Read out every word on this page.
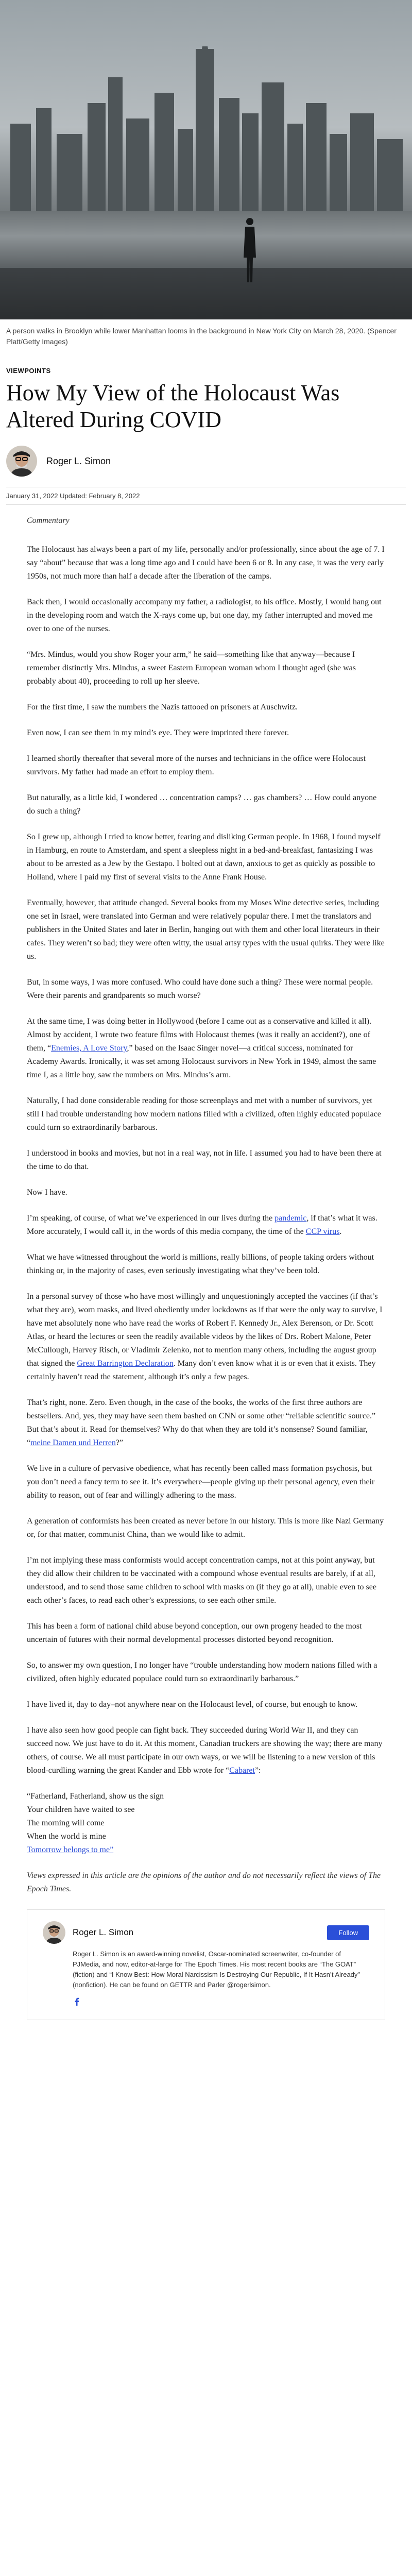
A person walks in Brooklyn while lower Manhattan looms in the background in New York City on March 28, 2020. (Spencer Platt/Getty Images)
VIEWPOINTS
How My View of the Holocaust Was Altered During COVID
Roger L. Simon
January 31, 2022 Updated: February 8, 2022
Commentary

The Holocaust has always been a part of my life, personally and/or professionally, since about the age of 7. I say “about” because that was a long time ago and I could have been 6 or 8. In any case, it was the very early 1950s, not much more than half a decade after the liberation of the camps.

Back then, I would occasionally accompany my father, a radiologist, to his office. Mostly, I would hang out in the developing room and watch the X-rays come up, but one day, my father interrupted and moved me over to one of the nurses.

“Mrs. Mindus, would you show Roger your arm,” he said—something like that anyway—because I remember distinctly Mrs. Mindus, a sweet Eastern European woman whom I thought aged (she was probably about 40), proceeding to roll up her sleeve.

For the first time, I saw the numbers the Nazis tattooed on prisoners at Auschwitz.

Even now, I can see them in my mind’s eye. They were imprinted there forever.

I learned shortly thereafter that several more of the nurses and technicians in the office were Holocaust survivors. My father had made an effort to employ them.

But naturally, as a little kid, I wondered … concentration camps? … gas chambers? … How could anyone do such a thing?

So I grew up, although I tried to know better, fearing and disliking German people. In 1968, I found myself in Hamburg, en route to Amsterdam, and spent a sleepless night in a bed-and-breakfast, fantasizing I was about to be arrested as a Jew by the Gestapo. I bolted out at dawn, anxious to get as quickly as possible to Holland, where I paid my first of several visits to the Anne Frank House.

Eventually, however, that attitude changed. Several books from my Moses Wine detective series, including one set in Israel, were translated into German and were relatively popular there. I met the translators and publishers in the United States and later in Berlin, hanging out with them and other local literateurs in their cafes. They weren’t so bad; they were often witty, the usual artsy types with the usual quirks. They were like us.

But, in some ways, I was more confused. Who could have done such a thing? These were normal people. Were their parents and grandparents so much worse?

At the same time, I was doing better in Hollywood (before I came out as a conservative and killed it all). Almost by accident, I wrote two feature films with Holocaust themes (was it really an accident?), one of them, “Enemies, A Love Story,” based on the Isaac Singer novel—a critical success, nominated for Academy Awards. Ironically, it was set among Holocaust survivors in New York in 1949, almost the same time I, as a little boy, saw the numbers on Mrs. Mindus’s arm.

Naturally, I had done considerable reading for those screenplays and met with a number of survivors, yet still I had trouble understanding how modern nations filled with a civilized, often highly educated populace could turn so extraordinarily barbarous.

I understood in books and movies, but not in a real way, not in life. I assumed you had to have been there at the time to do that.

Now I have.

I’m speaking, of course, of what we’ve experienced in our lives during the pandemic, if that’s what it was. More accurately, I would call it, in the words of this media company, the time of the CCP virus.

What we have witnessed throughout the world is millions, really billions, of people taking orders without thinking or, in the majority of cases, even seriously investigating what they’ve been told.

In a personal survey of those who have most willingly and unquestioningly accepted the vaccines (if that’s what they are), worn masks, and lived obediently under lockdowns as if that were the only way to survive, I have met absolutely none who have read the works of Robert F. Kennedy Jr., Alex Berenson, or Dr. Scott Atlas, or heard the lectures or seen the readily available videos by the likes of Drs. Robert Malone, Peter McCullough, Harvey Risch, or Vladimir Zelenko, not to mention many others, including the august group that signed the Great Barrington Declaration. Many don’t even know what it is or even that it exists. They certainly haven’t read the statement, although it’s only a few pages.

That’s right, none. Zero. Even though, in the case of the books, the works of the first three authors are bestsellers. And, yes, they may have seen them bashed on CNN or some other “reliable scientific source.” But that’s about it. Read for themselves? Why do that when they are told it’s nonsense? Sound familiar, “meine Damen und Herren?”

We live in a culture of pervasive obedience, what has recently been called mass formation psychosis, but you don’t need a fancy term to see it. It’s everywhere—people giving up their personal agency, even their ability to reason, out of fear and willingly adhering to the mass.

A generation of conformists has been created as never before in our history. This is more like Nazi Germany or, for that matter, communist China, than we would like to admit.

I’m not implying these mass conformists would accept concentration camps, not at this point anyway, but they did allow their children to be vaccinated with a compound whose eventual results are barely, if at all, understood, and to send those same children to school with masks on (if they go at all), unable even to see each other’s faces, to read each other’s expressions, to see each other smile.

This has been a form of national child abuse beyond conception, our own progeny headed to the most uncertain of futures with their normal developmental processes distorted beyond recognition.

So, to answer my own question, I no longer have “trouble understanding how modern nations filled with a civilized, often highly educated populace could turn so extraordinarily barbarous.”

I have lived it, day to day–not anywhere near on the Holocaust level, of course, but enough to know.

I have also seen how good people can fight back. They succeeded during World War II, and they can succeed now. We just have to do it. At this moment, Canadian truckers are showing the way; there are many others, of course. We all must participate in our own ways, or we will be listening to a new version of this blood-curdling warning the great Kander and Ebb wrote for “Cabaret”:

“Fatherland, Fatherland, show us the sign
Your children have waited to see
The morning will come
When the world is mine
Tomorrow belongs to me”
Views expressed in this article are the opinions of the author and do not necessarily reflect the views of The Epoch Times.
Roger L. Simon	Follow
Roger L. Simon is an award-winning novelist, Oscar-nominated screenwriter, co-founder of PJMedia, and now, editor-at-large for The Epoch Times. His most recent books are “The GOAT” (fiction) and “I Know Best: How Moral Narcissism Is Destroying Our Republic, If It Hasn’t Already” (nonfiction). He can be found on GETTR and Parler @rogerlsimon.
